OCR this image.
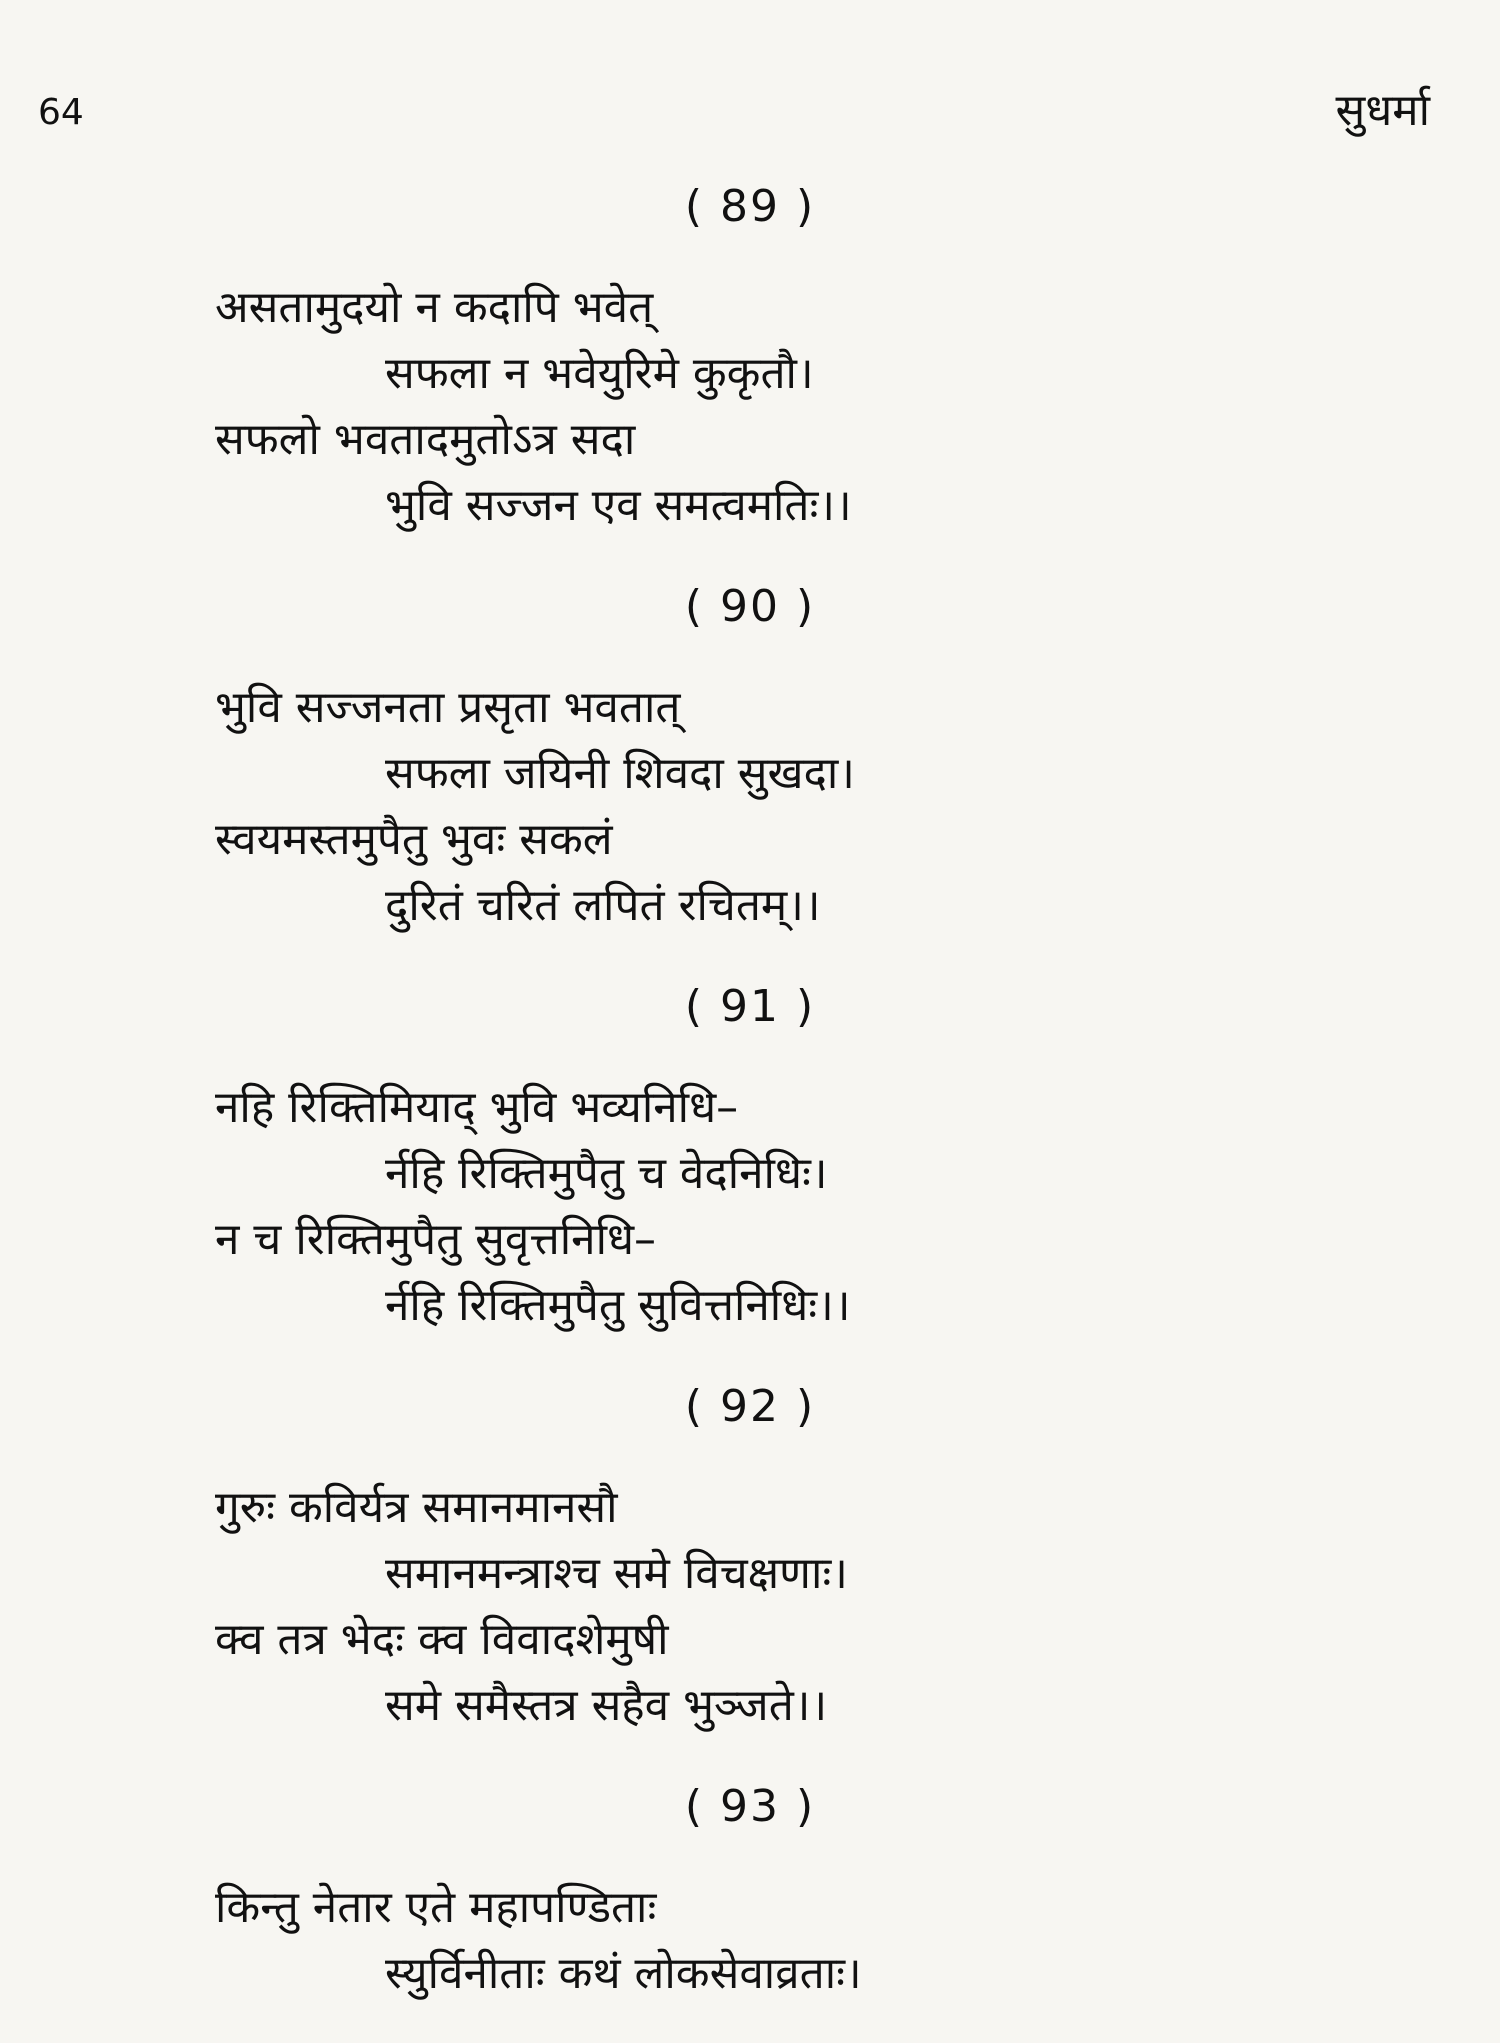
64	सुधर्मा
( 89 )
असतामुदयो न कदापि भवेत्
सफला न भवेयुरिमे कुकृतौ।
सफलो भवतादमुतोऽत्र सदा
भुवि सज्जन एव समत्वमतिः।।
( 90 )
भुवि सज्जनता प्रसृता भवतात्
सफला जयिनी शिवदा सुखदा।
स्वयमस्तमुपैतु भुवः सकलं
दुरितं चरितं लपितं रचितम्।।
( 91 )
नहि रिक्तिमियाद् भुवि भव्यनिधि–
र्नहि रिक्तिमुपैतु च वेदनिधिः।
न च रिक्तिमुपैतु सुवृत्तनिधि–
र्नहि रिक्तिमुपैतु सुवित्तनिधिः।।
( 92 )
गुरुः कविर्यत्र समानमानसौ
समानमन्त्राश्च समे विचक्षणाः।
क्व तत्र भेदः क्व विवादशेमुषी
समे समैस्तत्र सहैव भुञ्जते।।
( 93 )
किन्तु नेतार एते महापण्डिताः
स्युर्विनीताः कथं लोकसेवाव्रताः।
